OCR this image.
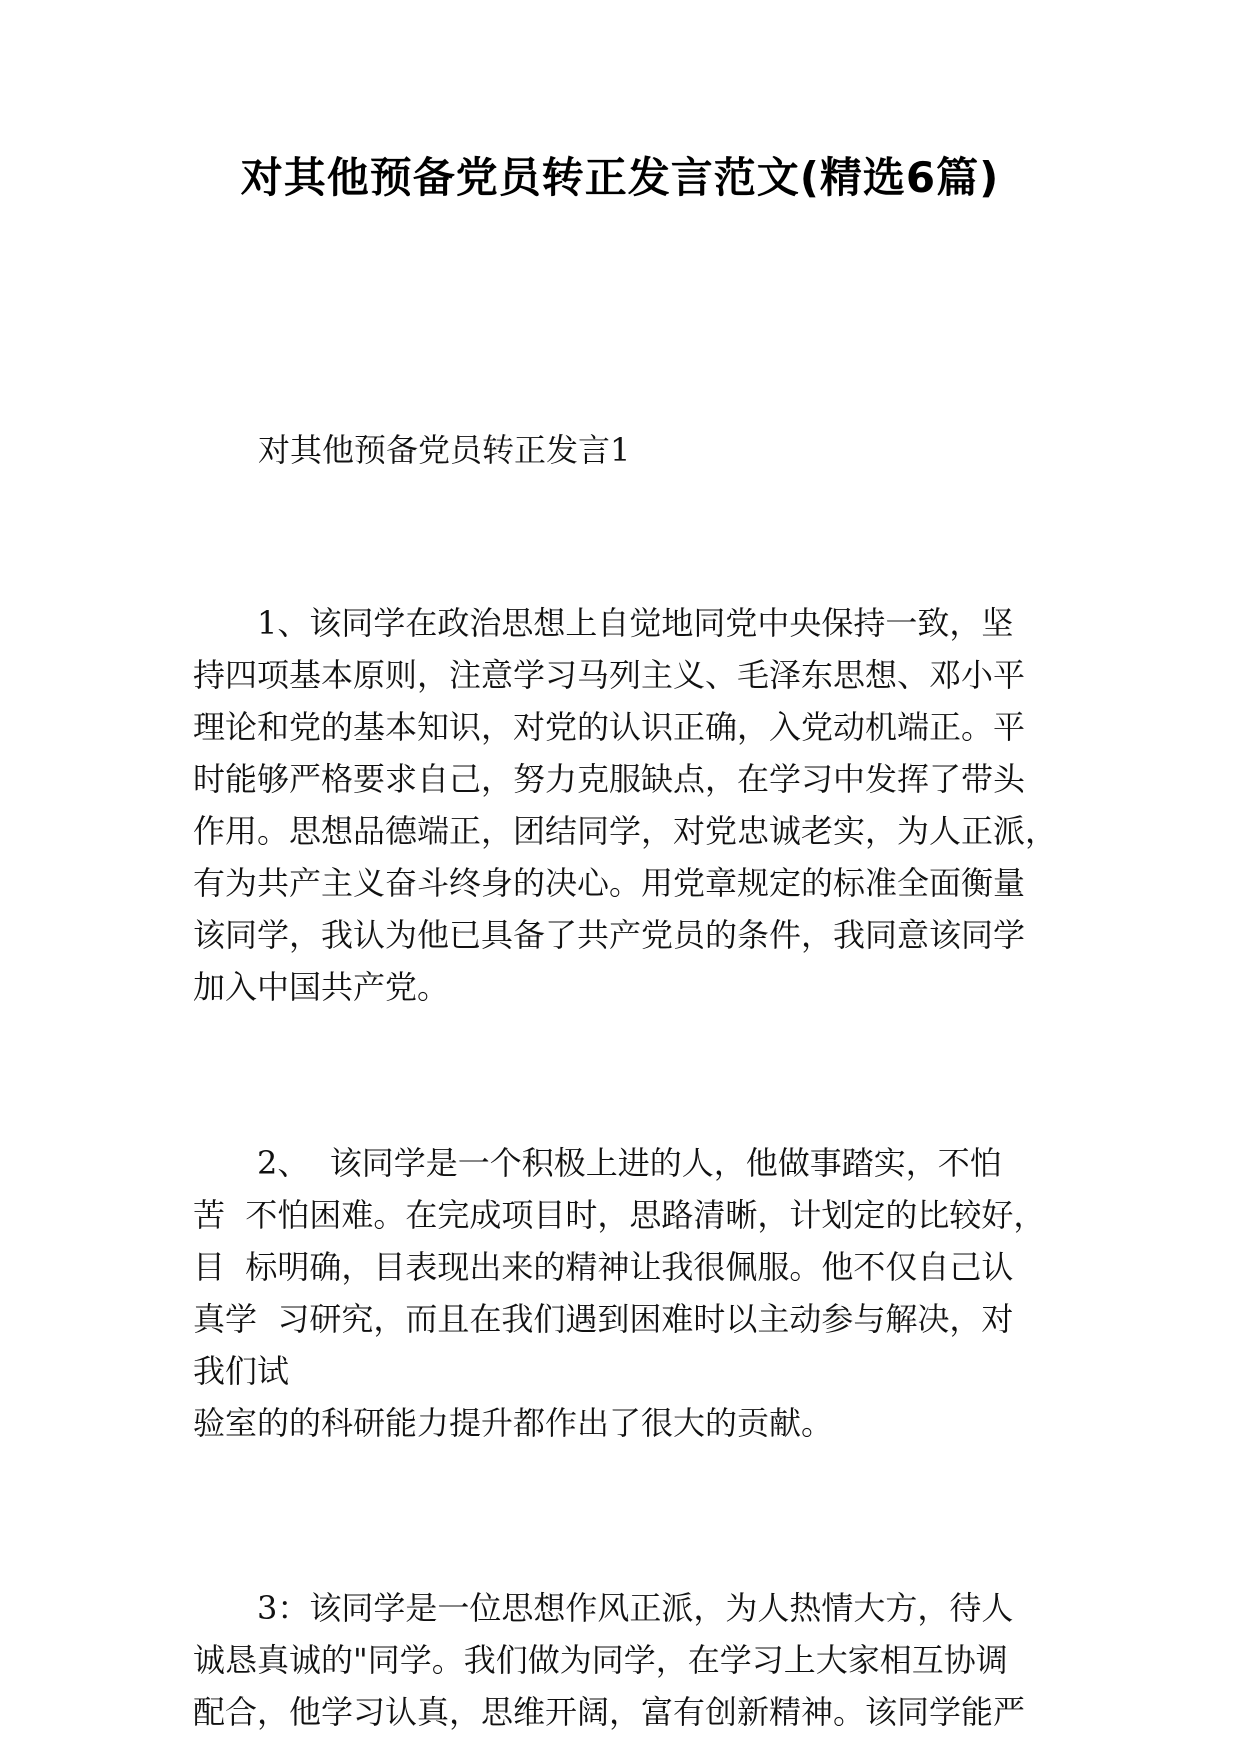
对其他预备党员转正发言范文(精选6篇)
对其他预备党员转正发言1
1、该同学在政治思想上自觉地同党中央保持一致，坚
持四项基本原则，注意学习马列主义、毛泽东思想、邓小平
理论和党的基本知识，对党的认识正确，入党动机端正。平
时能够严格要求自己，努力克服缺点，在学习中发挥了带头
作用。思想品德端正，团结同学，对党忠诚老实，为人正派，
有为共产主义奋斗终身的决心。用党章规定的标准全面衡量
该同学，我认为他已具备了共产党员的条件，我同意该同学
加入中国共产党。
2、  该同学是一个积极上进的人，他做事踏实，不怕
苦  不怕困难。在完成项目时，思路清晰，计划定的比较好，
目  标明确，目表现出来的精神让我很佩服。他不仅自己认
真学  习研究，而且在我们遇到困难时以主动参与解决，对
我们试
验室的的科研能力提升都作出了很大的贡献。
3：该同学是一位思想作风正派，为人热情大方，待人
诚恳真诚的"同学。我们做为同学，在学习上大家相互协调
配合，他学习认真，思维开阔，富有创新精神。该同学能严
